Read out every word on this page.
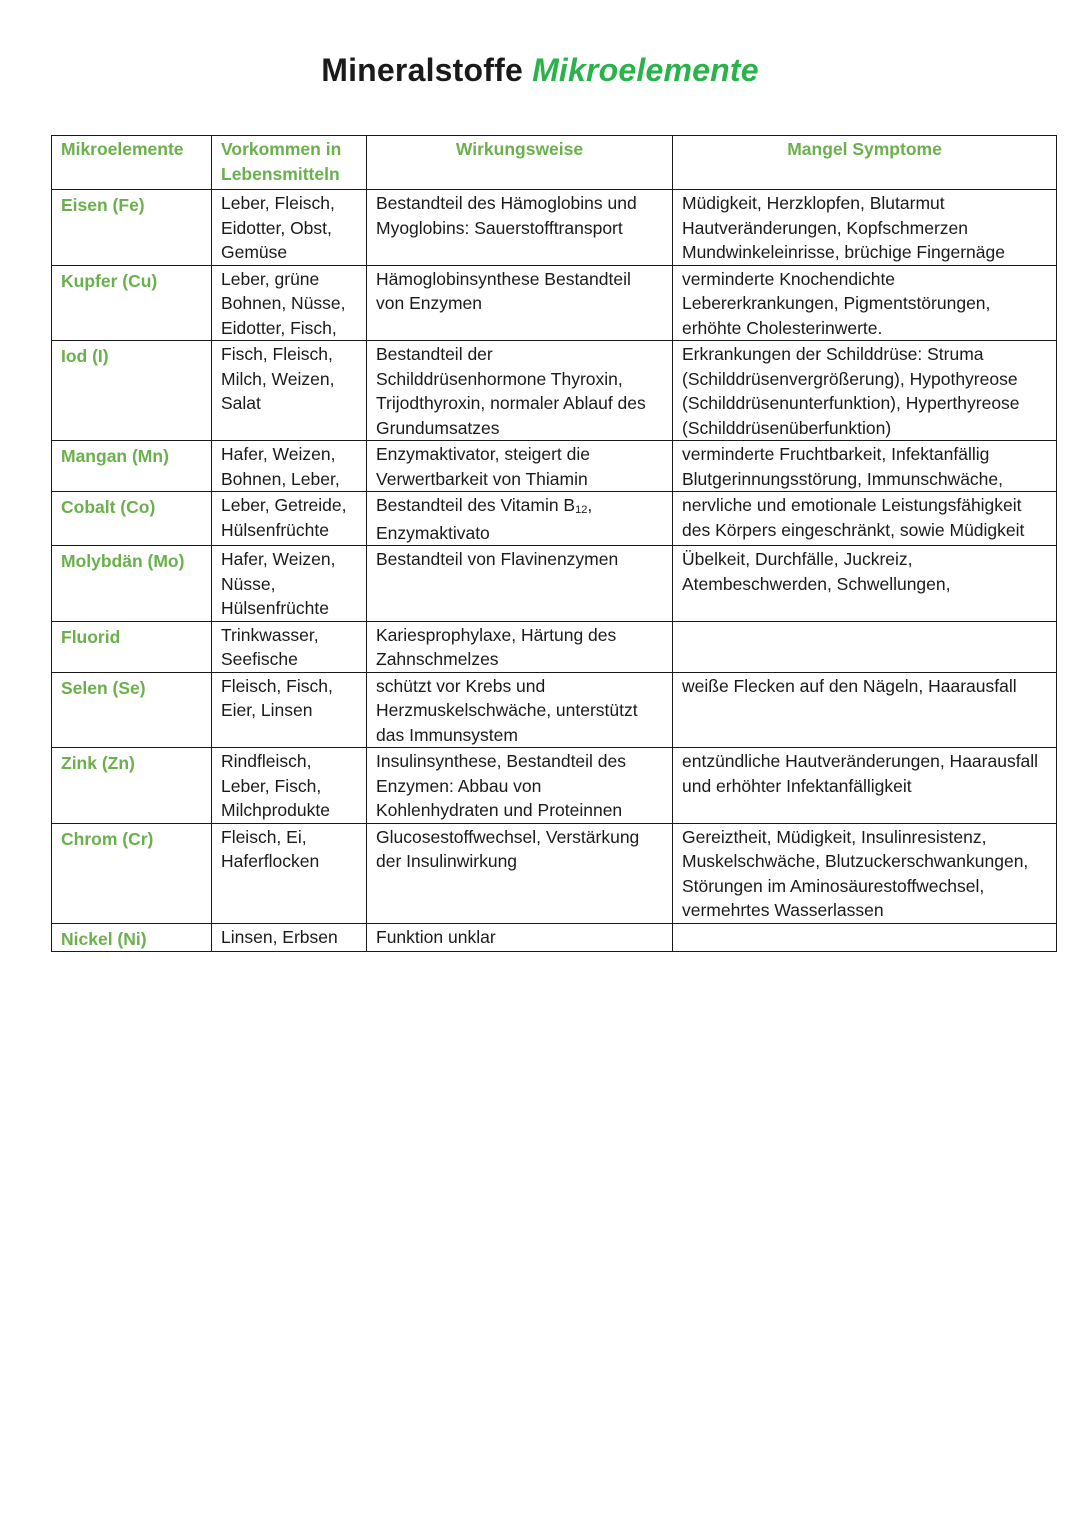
Mineralstoffe Mikroelemente
Mikroelemente	Vorkommen in Lebensmitteln	Wirkungsweise	Mangel Symptome
Eisen (Fe)	Leber, Fleisch, Eidotter, Obst, Gemüse	Bestandteil des Hämoglobins und Myoglobins: Sauerstofftransport	Müdigkeit, Herzklopfen, Blutarmut Hautveränderungen, Kopfschmerzen Mundwinkeleinrisse, brüchige Fingernäge
Kupfer (Cu)	Leber, grüne Bohnen, Nüsse, Eidotter, Fisch,	Hämoglobinsynthese Bestandteil von Enzymen	verminderte Knochendichte Lebererkrankungen, Pigmentstörungen, erhöhte Cholesterinwerte.
Iod (I)	Fisch, Fleisch, Milch, Weizen, Salat	Bestandteil der Schilddrüsenhormone Thyroxin, Trijodthyroxin, normaler Ablauf des Grundumsatzes	Erkrankungen der Schilddrüse: Struma (Schilddrüsenvergrößerung), Hypothyreose (Schilddrüsenunterfunktion), Hyperthyreose (Schilddrüsenüberfunktion)
Mangan (Mn)	Hafer, Weizen, Bohnen, Leber,	Enzymaktivator, steigert die Verwertbarkeit von Thiamin	verminderte Fruchtbarkeit, Infektanfällig Blutgerinnungsstörung, Immunschwäche,
Cobalt (Co)	Leber, Getreide, Hülsenfrüchte	Bestandteil des Vitamin $B_{12}$, Enzymaktivato	nervliche und emotionale Leistungsfähigkeit des Körpers eingeschränkt, sowie Müdigkeit
Molybdän (Mo)	Hafer, Weizen, Nüsse, Hülsenfrüchte	Bestandteil von Flavinenzymen	Übelkeit, Durchfälle, Juckreiz, Atembeschwerden, Schwellungen,
Fluorid	Trinkwasser, Seefische	Kariesprophylaxe, Härtung des Zahnschmelzes	
Selen (Se)	Fleisch, Fisch, Eier, Linsen	schützt vor Krebs und Herzmuskelschwäche, unterstützt das Immunsystem	weiße Flecken auf den Nägeln, Haarausfall
Zink (Zn)	Rindfleisch, Leber, Fisch, Milchprodukte	Insulinsynthese, Bestandteil des Enzymen: Abbau von Kohlenhydraten und Proteinnen	entzündliche Hautveränderungen, Haarausfall und erhöhter Infektanfälligkeit
Chrom (Cr)	Fleisch, Ei, Haferflocken	Glucosestoffwechsel, Verstärkung der Insulinwirkung	Gereiztheit, Müdigkeit, Insulinresistenz, Muskelschwäche, Blutzuckerschwankungen, Störungen im Aminosäurestoffwechsel, vermehrtes Wasserlassen
Nickel (Ni)	Linsen, Erbsen	Funktion unklar	
